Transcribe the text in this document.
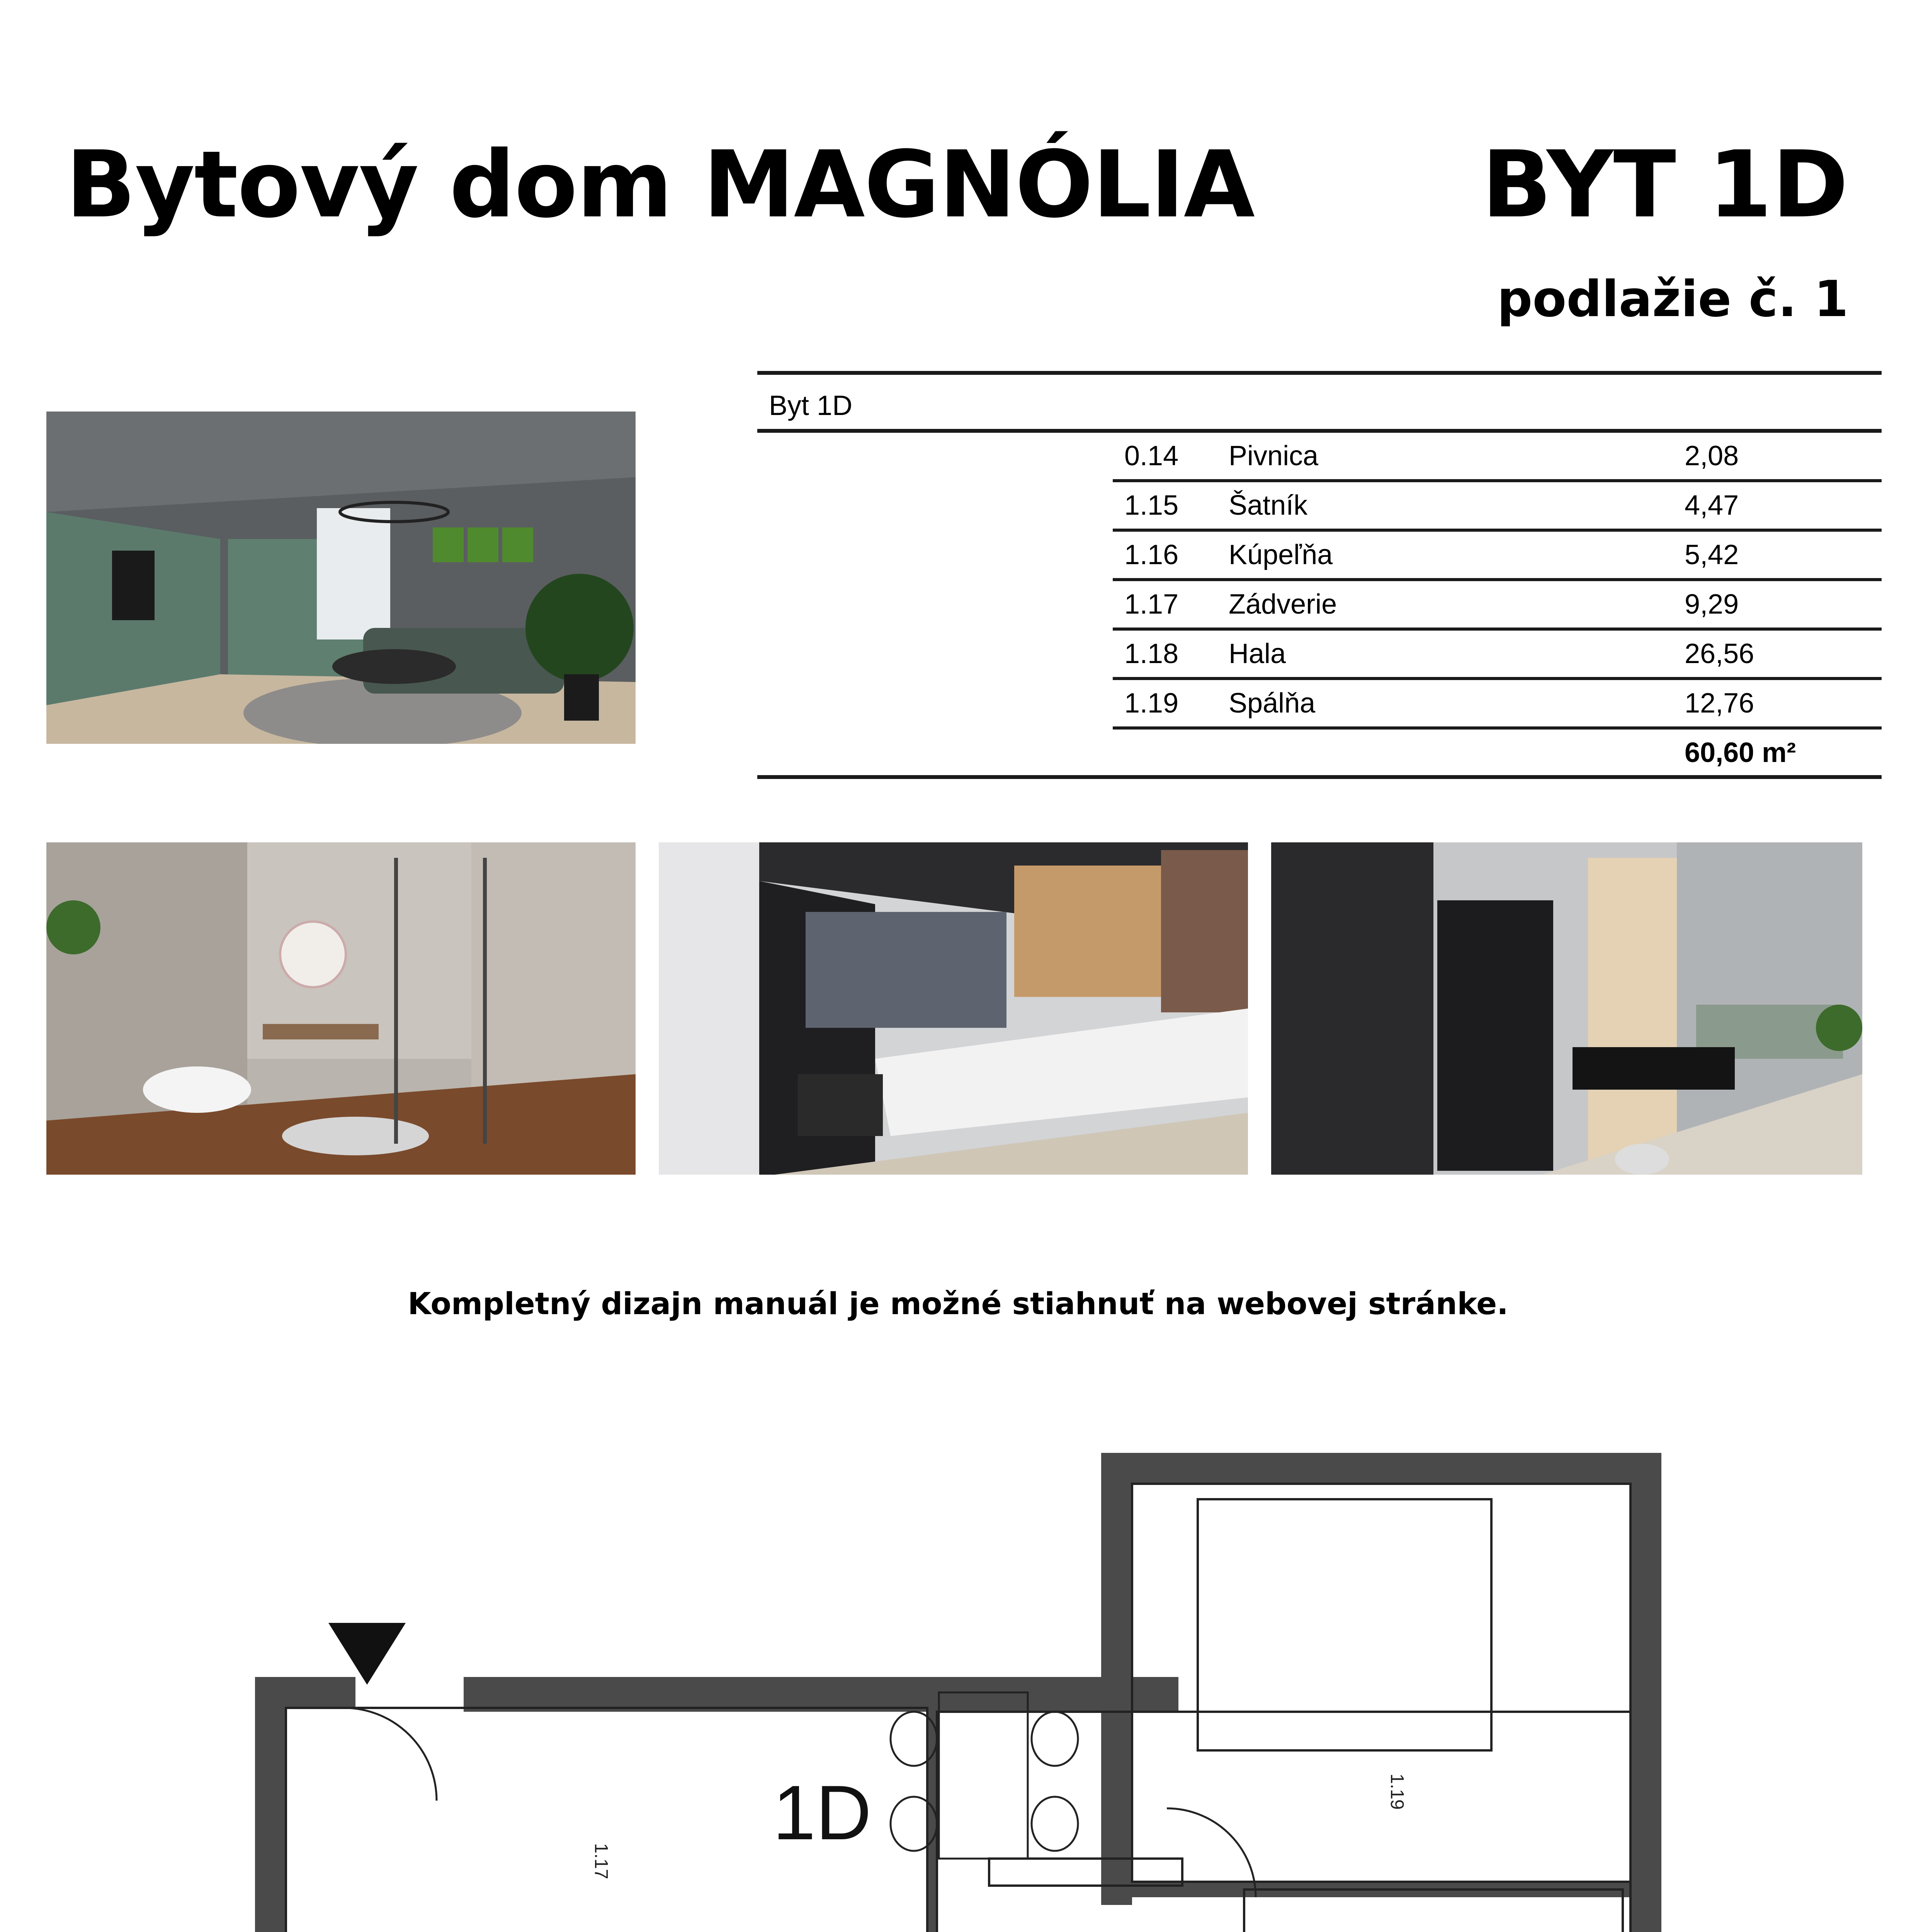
Bytový dom MAGNÓLIA BYT 1D
podlažie č. 1
Byt 1D
0.14 Pivnica	2,08
1.15 Šatník	4,47
1.16 Kúpeľňa	5,42
1.17 Zádverie	9,29
1.18 Hala	26,56
1.19 Spálňa	12,76
60,60 m²
Kompletný dizajn manuál je možné stiahnuť na webovej stránke.
1D
1.17
1.19
